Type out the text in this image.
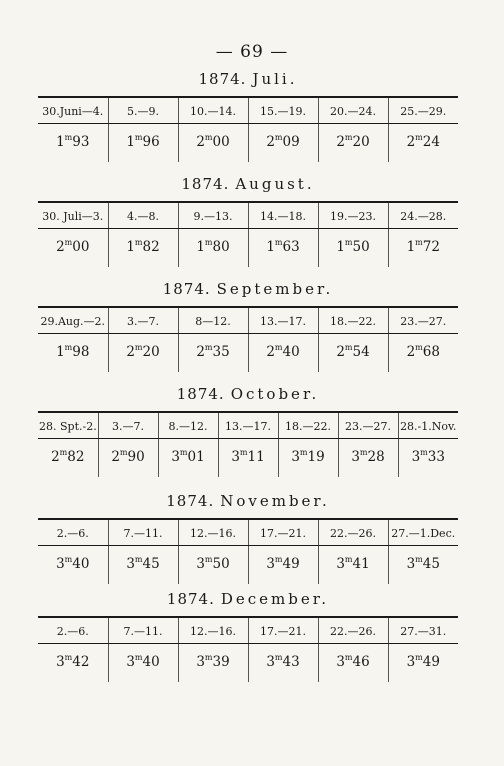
— 69 —
1874. Juli.
30.Juni—4.	5.—9.	10.—14.	15.—19.	20.—24.	25.—29.
1$^m$93	1$^m$96	2$^m$00	2$^m$09	2$^m$20	2$^m$24
1874. August.
30. Juli—3.	4.—8.	9.—13.	14.—18.	19.—23.	24.—28.
2$^m$00	1$^m$82	1$^m$80	1$^m$63	1$^m$50	1$^m$72
1874. September.
29.Aug.—2.	3.—7.	8—12.	13.—17.	18.—22.	23.—27.
1$^m$98	2$^m$20	2$^m$35	2$^m$40	2$^m$54	2$^m$68
1874. October.
28. Spt.-2.	3.—7.	8.—12.	13.—17.	18.—22.	23.—27.	28.-1.Nov.
2$^m$82	2$^m$90	3$^m$01	3$^m$11	3$^m$19	3$^m$28	3$^m$33
1874. November.
2.—6.	7.—11.	12.—16.	17.—21.	22.—26.	27.—1.Dec.
3$^m$40	3$^m$45	3$^m$50	3$^m$49	3$^m$41	3$^m$45
1874. December.
2.—6.	7.—11.	12.—16.	17.—21.	22.—26.	27.—31.
3$^m$42	3$^m$40	3$^m$39	3$^m$43	3$^m$46	3$^m$49
